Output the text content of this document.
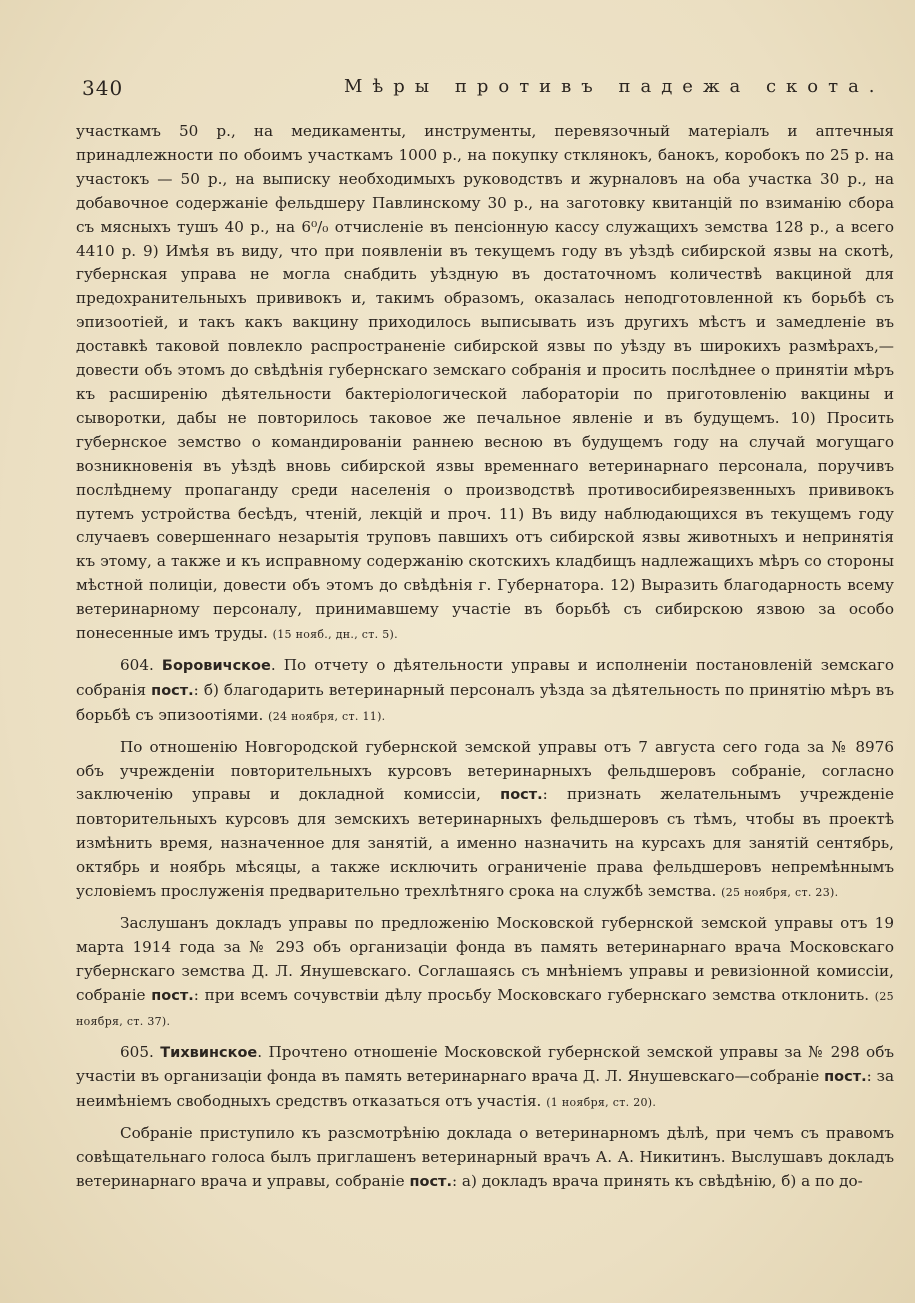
340	Мѣры противъ падежа скота.

участкамъ 50 р., на медикаменты, инструменты, перевязочный матеріалъ и аптечныя принадлежности по обоимъ участкамъ 1000 р., на покупку стклянокъ, банокъ, коробокъ по 25 р. на участокъ — 50 р., на выписку необходимыхъ руководствъ и журналовъ на оба участка 30 р., на добавочное содержаніе фельдшеру Павлинскому 30 р., на заготовку квитанцій по взиманію сбора съ мясныхъ тушъ 40 р., на 6⁰/₀ отчисленіе въ пенсіонную кассу служащихъ земства 128 р., а всего 4410 р. 9) Имѣя въ виду, что при появленіи въ текущемъ году въ уѣздѣ сибирской язвы на скотѣ, губернская управа не могла снабдить уѣздную въ достаточномъ количествѣ вакциной для предохранительныхъ прививокъ и, такимъ образомъ, оказалась неподготовленной къ борьбѣ съ эпизоотіей, и такъ какъ вакцину приходилось выписывать изъ другихъ мѣстъ и замедленіе въ доставкѣ таковой повлекло распространеніе сибирской язвы по уѣзду въ широкихъ размѣрахъ,—довести объ этомъ до свѣдѣнія губернскаго земскаго собранія и просить послѣднее о принятіи мѣръ къ расширенію дѣятельности бактеріологической лабораторіи по приготовленію вакцины и сыворотки, дабы не повторилось таковое же печальное явленіе и въ будущемъ. 10) Просить губернское земство о командированіи раннею весною въ будущемъ году на случай могущаго возникновенія въ уѣздѣ вновь сибирской язвы временнаго ветеринарнаго персонала, поручивъ послѣднему пропаганду среди населенія о производствѣ противосибиреязвенныхъ прививокъ путемъ устройства бесѣдъ, чтеній, лекцій и проч. 11) Въ виду наблюдающихся въ текущемъ году случаевъ совершеннаго незарытія труповъ павшихъ отъ сибирской язвы животныхъ и непринятія къ этому, а также и къ исправному содержанію скотскихъ кладбищъ надлежащихъ мѣръ со стороны мѣстной полиціи, довести объ этомъ до свѣдѣнія г. Губернатора. 12) Выразить благодарность всему ветеринарному персоналу, принимавшему участіе въ борьбѣ съ сибирскою язвою за особо понесенные имъ труды. (15 нояб., дн., ст. 5).

604. Боровичское. По отчету о дѣятельности управы и исполненіи постановленій земскаго собранія пост.: б) благодарить ветеринарный персоналъ уѣзда за дѣятельность по принятію мѣръ въ борьбѣ съ эпизоотіями. (24 ноября, ст. 11).

По отношенію Новгородской губернской земской управы отъ 7 августа сего года за № 8976 объ учрежденіи повторительныхъ курсовъ ветеринарныхъ фельдшеровъ собраніе, согласно заключенію управы и докладной комиссіи, пост.: признать желательнымъ учрежденіе повторительныхъ курсовъ для земскихъ ветеринарныхъ фельдшеровъ съ тѣмъ, чтобы въ проектѣ измѣнить время, назначенное для занятій, а именно назначить на курсахъ для занятій сентябрь, октябрь и ноябрь мѣсяцы, а также исключить ограниченіе права фельдшеровъ непремѣннымъ условіемъ прослуженія предварительно трехлѣтняго срока на службѣ земства. (25 ноября, ст. 23).

Заслушанъ докладъ управы по предложенію Московской губернской земской управы отъ 19 марта 1914 года за № 293 объ организаціи фонда въ память ветеринарнаго врача Московскаго губернскаго земства Д. Л. Янушевскаго. Соглашаясь съ мнѣніемъ управы и ревизіонной комиссіи, собраніе пост.: при всемъ сочувствіи дѣлу просьбу Московскаго губернскаго земства отклонить. (25 ноября, ст. 37).

605. Тихвинское. Прочтено отношеніе Московской губернской земской управы за № 298 объ участіи въ организаціи фонда въ память ветеринарнаго врача Д. Л. Янушевскаго—собраніе пост.: за неимѣніемъ свободныхъ средствъ отказаться отъ участія. (1 ноября, ст. 20).

Собраніе приступило къ разсмотрѣнію доклада о ветеринарномъ дѣлѣ, при чемъ съ правомъ совѣщательнаго голоса былъ приглашенъ ветеринарный врачъ А. А. Никитинъ. Выслушавъ докладъ ветеринарнаго врача и управы, собраніе пост.: а) докладъ врача принять къ свѣдѣнію, б) а по до-
